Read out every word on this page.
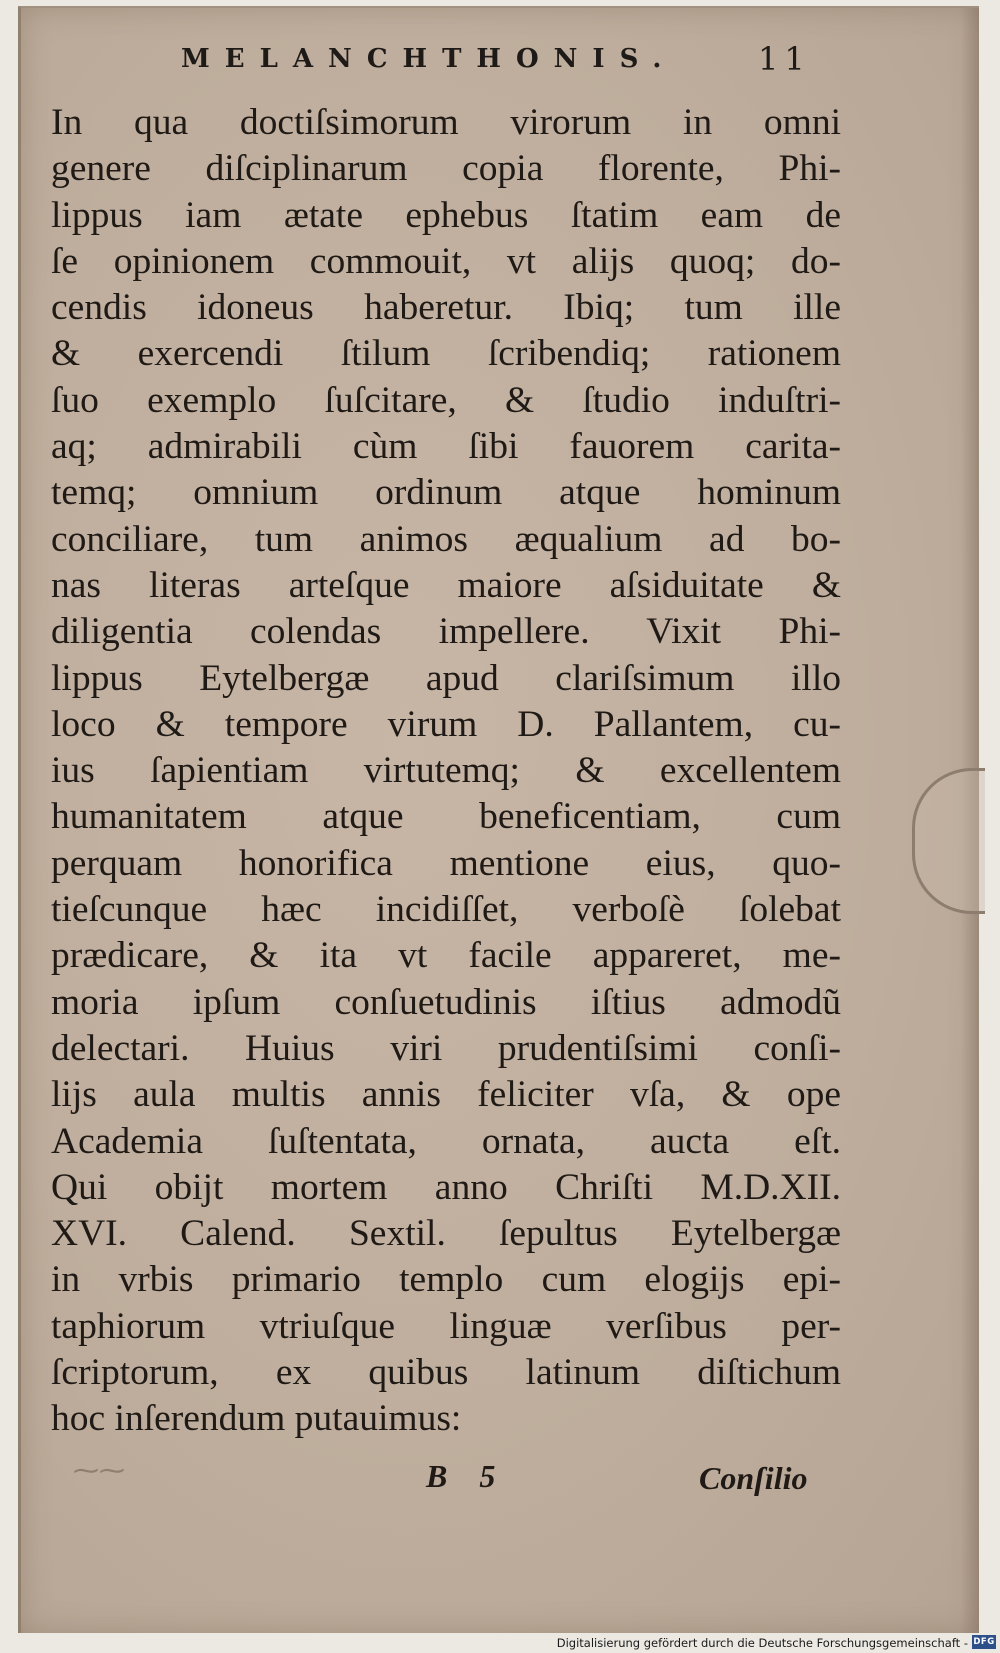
MELANCHTHONIS.	11
In qua doctiſsimorum virorum in omni
genere diſciplinarum copia florente, Phi-
lippus iam ætate ephebus ſtatim eam de
ſe opinionem commouit, vt alijs quoq; do-
cendis idoneus haberetur. Ibiq; tum ille
& exercendi ſtilum ſcribendiq; rationem
ſuo exemplo ſuſcitare, & ſtudio induſtri-
aq; admirabili cùm ſibi fauorem carita-
temq; omnium ordinum atque hominum
conciliare, tum animos æqualium ad bo-
nas literas arteſque maiore aſsiduitate &
diligentia colendas impellere. Vixit Phi-
lippus Eytelbergæ apud clariſsimum illo
loco & tempore virum D. Pallantem, cu-
ius ſapientiam virtutemq; & excellentem
humanitatem atque beneficentiam, cum
perquam honorifica mentione eius, quo-
tieſcunque hæc incidiſſet, verboſè ſolebat
prædicare, & ita vt facile appareret, me-
moria ipſum conſuetudinis iſtius admodũ
delectari. Huius viri prudentiſsimi conſi-
lijs aula multis annis feliciter vſa, & ope
Academia ſuſtentata, ornata, aucta eſt.
Qui obijt mortem anno Chriſti M.D.XII.
XVI. Calend. Sextil. ſepultus Eytelbergæ
in vrbis primario templo cum elogijs epi-
taphiorum vtriuſque linguæ verſibus per-
ſcriptorum, ex quibus latinum diſtichum
hoc inſerendum putauimus:
⁓⁓	B 5	Conſilio
Digitalisierung gefördert durch die Deutsche Forschungsgemeinschaft - DFG
